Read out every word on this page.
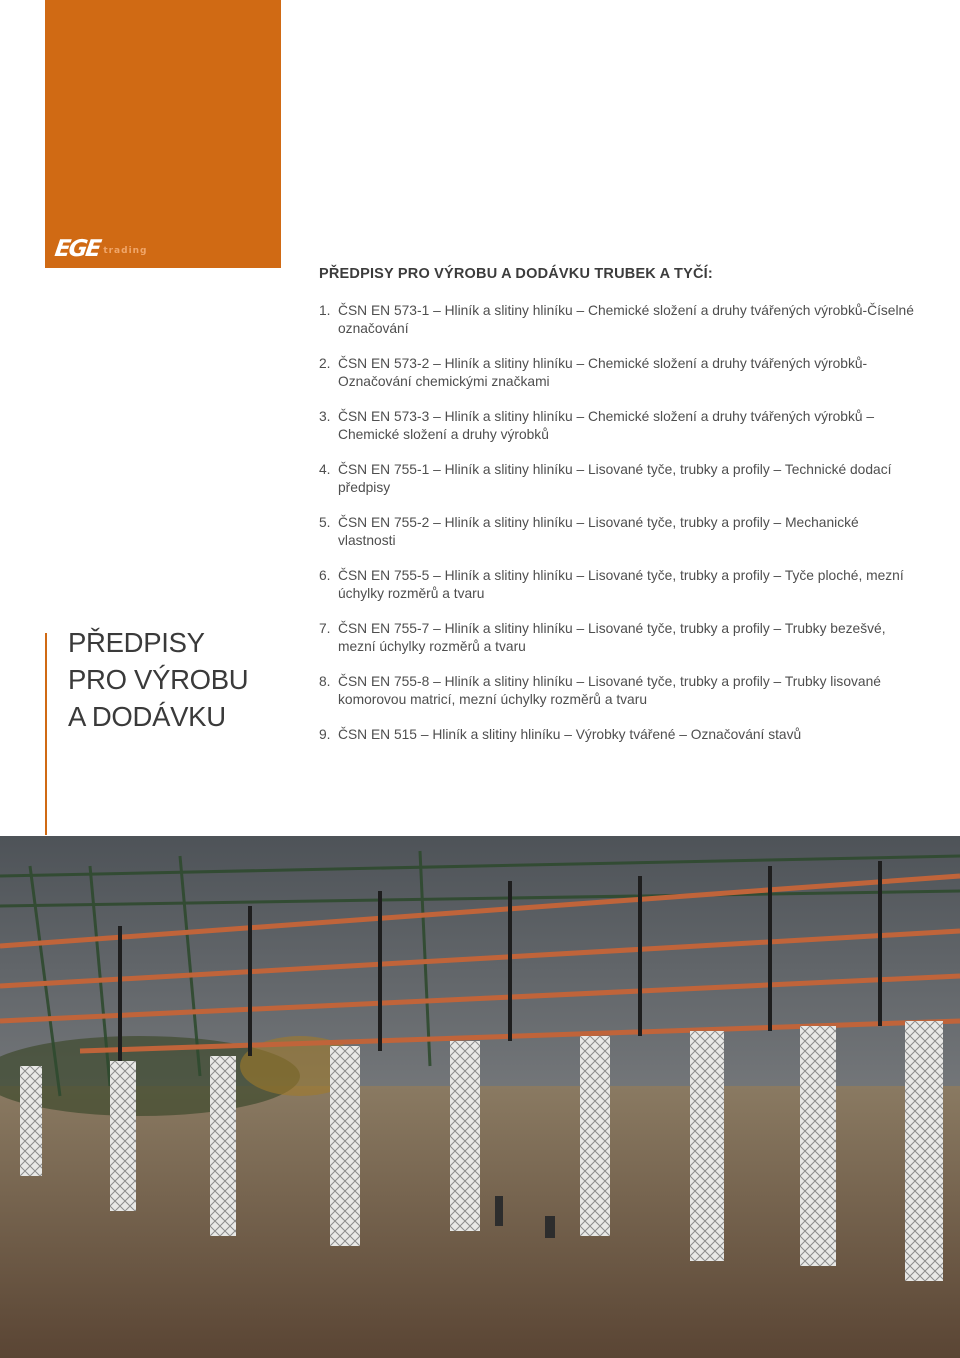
EGE trading
PŘEDPISY PRO VÝROBU A DODÁVKU TRUBEK A TYČÍ:
1. ČSN EN 573-1 – Hliník a slitiny hliníku – Chemické složení a druhy tvářených výrobků-Číselné označování
2. ČSN EN 573-2 – Hliník a slitiny hliníku – Chemické složení a druhy tvářených výrobků-Označování chemickými značkami
3. ČSN EN 573-3 – Hliník a slitiny hliníku – Chemické složení a druhy tvářených výrobků – Chemické složení a druhy výrobků
4. ČSN EN 755-1 – Hliník a slitiny hliníku – Lisované tyče, trubky a profily – Technické dodací předpisy
5. ČSN EN 755-2 – Hliník a slitiny hliníku – Lisované tyče, trubky a profily – Mechanické vlastnosti
6. ČSN EN 755-5 – Hliník a slitiny hliníku – Lisované tyče, trubky a profily – Tyče ploché, mezní úchylky rozměrů a tvaru
7. ČSN EN 755-7 – Hliník a slitiny hliníku – Lisované tyče, trubky a profily – Trubky bezešvé, mezní úchylky rozměrů a tvaru
8. ČSN EN 755-8 – Hliník a slitiny hliníku – Lisované tyče, trubky a profily – Trubky lisované komorovou matricí, mezní úchylky rozměrů a tvaru
9. ČSN EN 515 – Hliník a slitiny hliníku – Výrobky tvářené – Označování stavů
PŘEDPISY
PRO VÝROBU
A DODÁVKU
